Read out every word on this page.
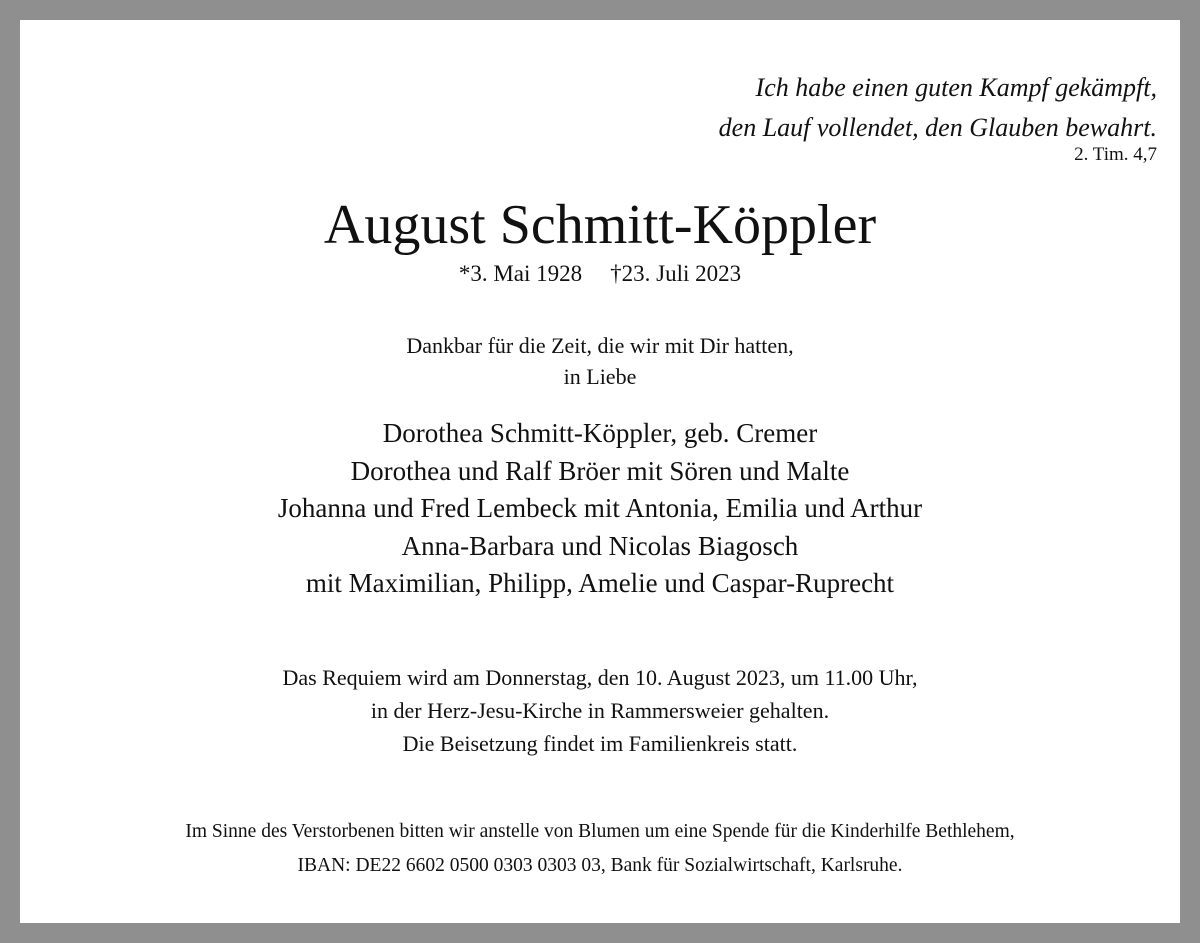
Ich habe einen guten Kampf gekämpft,
den Lauf vollendet, den Glauben bewahrt.
2. Tim. 4,7
August Schmitt-Köppler
*3. Mai 1928 †23. Juli 2023
Dankbar für die Zeit, die wir mit Dir hatten,
in Liebe
Dorothea Schmitt-Köppler, geb. Cremer
Dorothea und Ralf Bröer mit Sören und Malte
Johanna und Fred Lembeck mit Antonia, Emilia und Arthur
Anna-Barbara und Nicolas Biagosch
mit Maximilian, Philipp, Amelie und Caspar-Ruprecht
Das Requiem wird am Donnerstag, den 10. August 2023, um 11.00 Uhr,
in der Herz-Jesu-Kirche in Rammersweier gehalten.
Die Beisetzung findet im Familienkreis statt.
Im Sinne des Verstorbenen bitten wir anstelle von Blumen um eine Spende für die Kinderhilfe Bethlehem,
IBAN: DE22 6602 0500 0303 0303 03, Bank für Sozialwirtschaft, Karlsruhe.
